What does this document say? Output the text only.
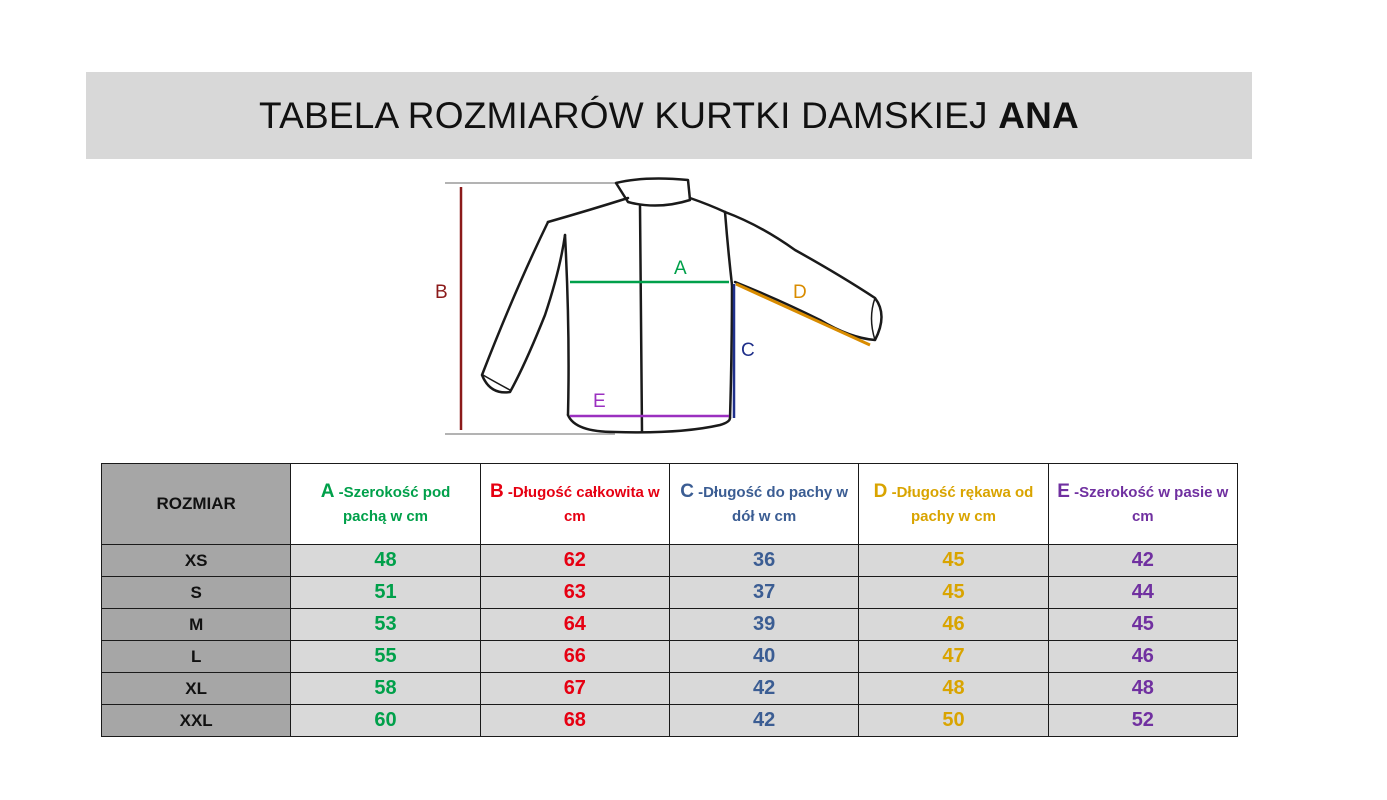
TABELA ROZMIARÓW KURTKI DAMSKIEJ ANA
B
A
C
D
E
ROZMIAR	A -Szerokość pod pachą w cm	B -Długość całkowita w cm	C -Długość do pachy w dół w cm	D -Długość rękawa od pachy w cm	E -Szerokość w pasie w cm
XS	48	62	36	45	42
S	51	63	37	45	44
M	53	64	39	46	45
L	55	66	40	47	46
XL	58	67	42	48	48
XXL	60	68	42	50	52
